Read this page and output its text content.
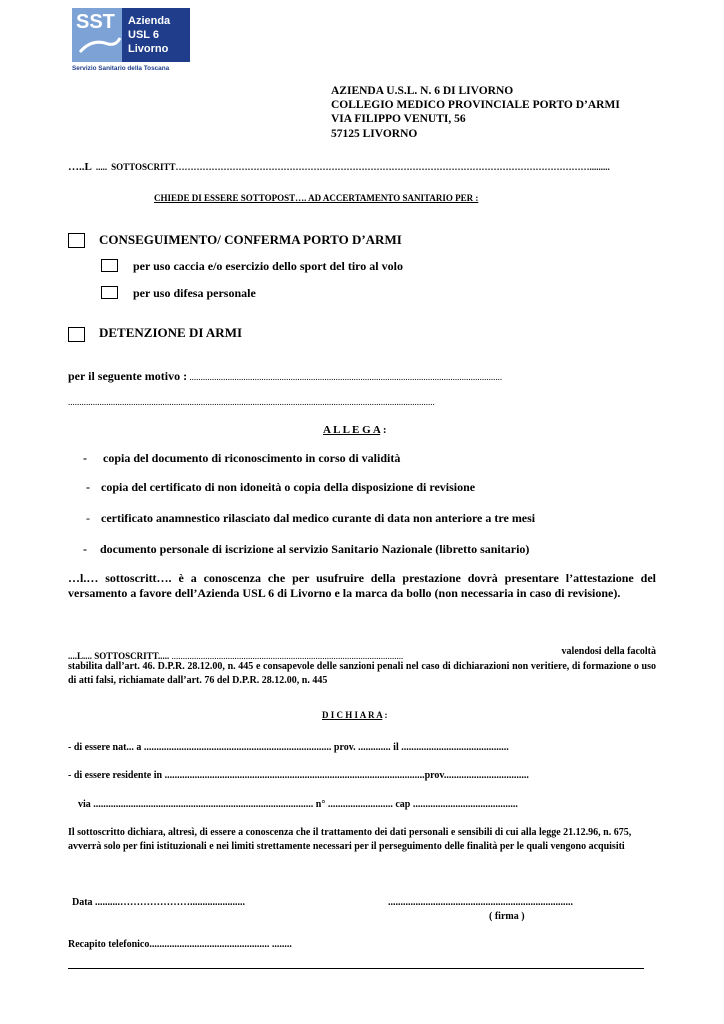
SST Azienda
USL 6
Livorno
Servizio Sanitario della Toscana
AZIENDA U.S.L. N. 6 DI LIVORNO
COLLEGIO MEDICO PROVINCIALE PORTO D’ARMI
VIA FILIPPO VENUTI, 56
57125 LIVORNO
…..L ..... SOTTOSCRITT………………………………………………………………………………………………………………………….........
CHIEDE DI ESSERE SOTTOPOST…. AD ACCERTAMENTO SANITARIO PER :
CONSEGUIMENTO/ CONFERMA PORTO D’ARMI
per uso caccia e/o esercizio dello sport del tiro al volo
per uso difesa personale
DETENZIONE DI ARMI
per il seguente motivo : ...........................................................................................................................................
...................................................................................................................................................................
A L L E G A :
- copia del documento di riconoscimento in corso di validità
- copia del certificato di non idoneità o copia della disposizione di revisione
- certificato anamnestico rilasciato dal medico curante di data non anteriore a tre mesi
- documento personale di iscrizione al servizio Sanitario Nazionale (libretto sanitario)
…l.… sottoscritt…. è a conoscenza che per usufruire della prestazione dovrà presentare l’attestazione del versamento a favore dell’Azienda USL 6 di Livorno e la marca da bollo (non necessaria in caso di revisione).
....L.... SOTTOSCRITT..... .......................................................................................................	valendosi della facoltà
stabilita dall’art. 46. D.P.R. 28.12.00, n. 445 e consapevole delle sanzioni penali nel caso di dichiarazioni non veritiere, di formazione o uso di atti falsi, richiamate dall’art. 76 del D.P.R. 28.12.00, n. 445
D I C H I A R A :
- di essere nat... a ........................................................................... prov. ............. il ...........................................
- di essere residente in ........................................................................................................prov..................................
via ........................................................................................ n° .......................... cap ..........................................
Il sottoscritto dichiara, altresì, di essere a conoscenza che il trattamento dei dati personali e sensibili di cui alla legge 21.12.96, n. 675, avverrà solo per fini istituzionali e nei limiti strettamente necessari per il perseguimento delle finalità per le quali vengono acquisiti
Data ..........…………………......................	..........................................................................
( firma )
Recapito telefonico................................................ ........
